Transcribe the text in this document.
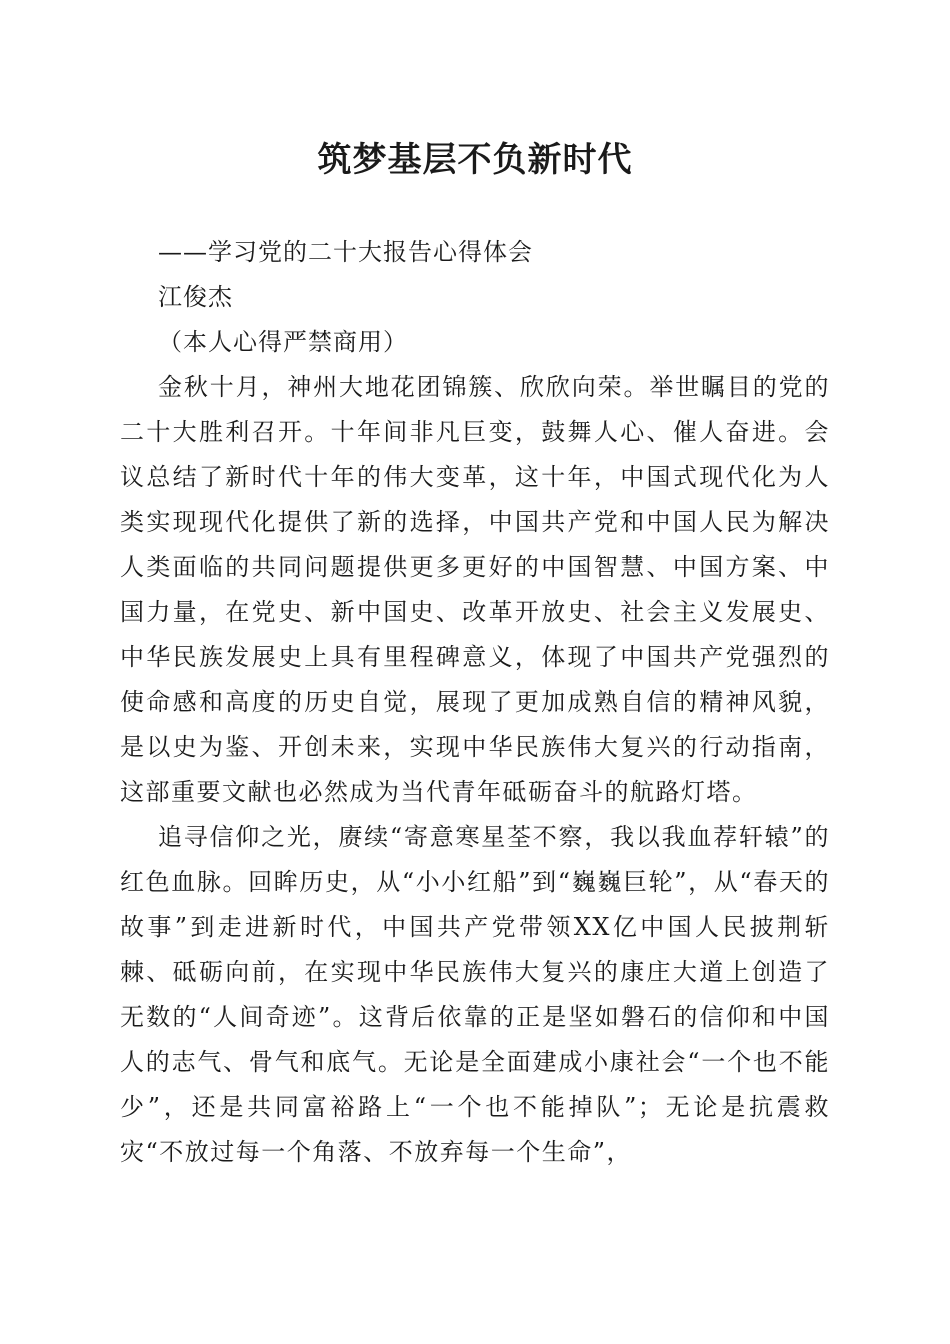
筑梦基层不负新时代

——学习党的二十大报告心得体会

江俊杰

（本人心得严禁商用）

金秋十月，神州大地花团锦簇、欣欣向荣。举世瞩目的党的二十大胜利召开。十年间非凡巨变，鼓舞人心、催人奋进。会议总结了新时代十年的伟大变革，这十年，中国式现代化为人类实现现代化提供了新的选择，中国共产党和中国人民为解决人类面临的共同问题提供更多更好的中国智慧、中国方案、中国力量，在党史、新中国史、改革开放史、社会主义发展史、中华民族发展史上具有里程碑意义，体现了中国共产党强烈的使命感和高度的历史自觉，展现了更加成熟自信的精神风貌，是以史为鉴、开创未来，实现中华民族伟大复兴的行动指南，这部重要文献也必然成为当代青年砥砺奋斗的航路灯塔。

追寻信仰之光，赓续“寄意寒星荃不察，我以我血荐轩辕”的红色血脉。回眸历史，从“小小红船”到“巍巍巨轮”，从“春天的故事”到走进新时代，中国共产党带领XX亿中国人民披荆斩棘、砥砺向前，在实现中华民族伟大复兴的康庄大道上创造了无数的“人间奇迹”。这背后依靠的正是坚如磐石的信仰和中国人的志气、骨气和底气。无论是全面建成小康社会“一个也不能少”，还是共同富裕路上“一个也不能掉队”；无论是抗震救灾“不放过每一个角落、不放弃每一个生命”，
